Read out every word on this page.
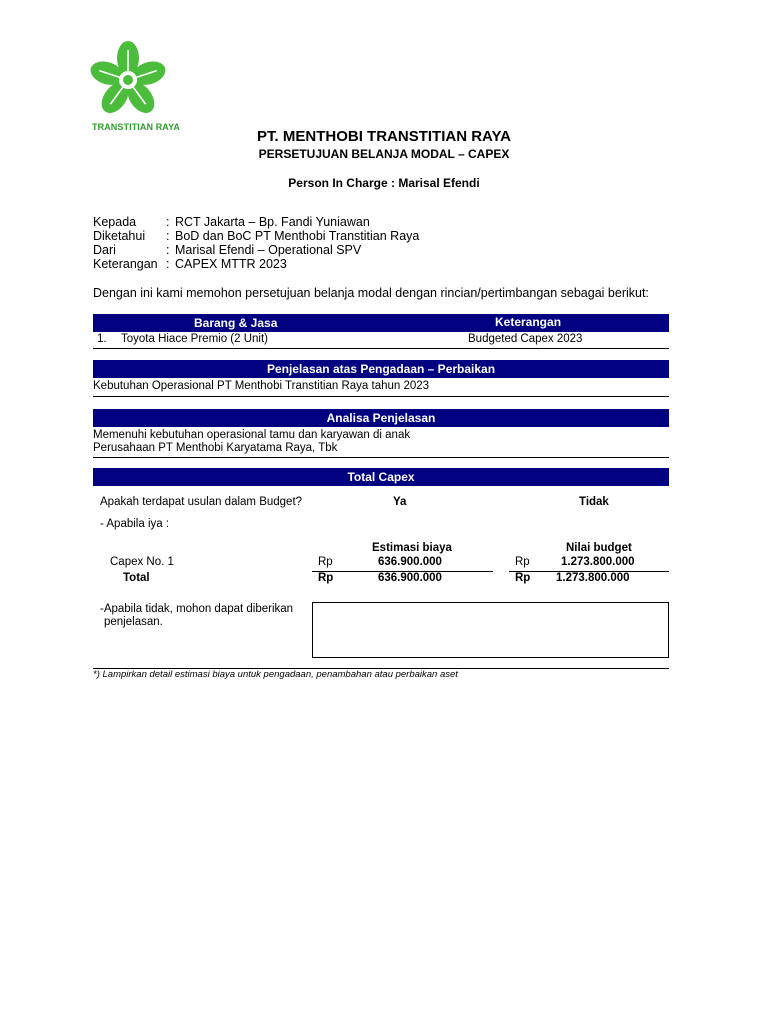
TRANSTITIAN RAYA
PT. MENTHOBI TRANSTITIAN RAYA
PERSETUJUAN BELANJA MODAL – CAPEX
Person In Charge : Marisal Efendi
Kepada : RCT Jakarta – Bp. Fandi Yuniawan
Diketahui : BoD dan BoC PT Menthobi Transtitian Raya
Dari	: Marisal Efendi – Operational SPV
Keterangan : CAPEX MTTR 2023
Dengan ini kami memohon persetujuan belanja modal dengan rincian/pertimbangan sebagai berikut:
Barang & Jasa	Keterangan
1. Toyota Hiace Premio (2 Unit)	Budgeted Capex 2023
Penjelasan atas Pengadaan – Perbaikan
Kebutuhan Operasional PT Menthobi Transtitian Raya tahun 2023
Analisa Penjelasan
Memenuhi kebutuhan operasional tamu dan karyawan di anak
Perusahaan PT Menthobi Karyatama Raya, Tbk
Total Capex
Apakah terdapat usulan dalam Budget?	Ya	Tidak
- Apabila iya :
Estimasi biaya	Nilai budget
Capex No. 1	Rp	636.900.000	Rp	1.273.800.000
Total	Rp	636.900.000	Rp 1.273.800.000
-Apabila tidak, mohon dapat diberikan
penjelasan.
*) Lampirkan detail estimasi biaya untuk pengadaan, penambahan atau perbaikan aset
